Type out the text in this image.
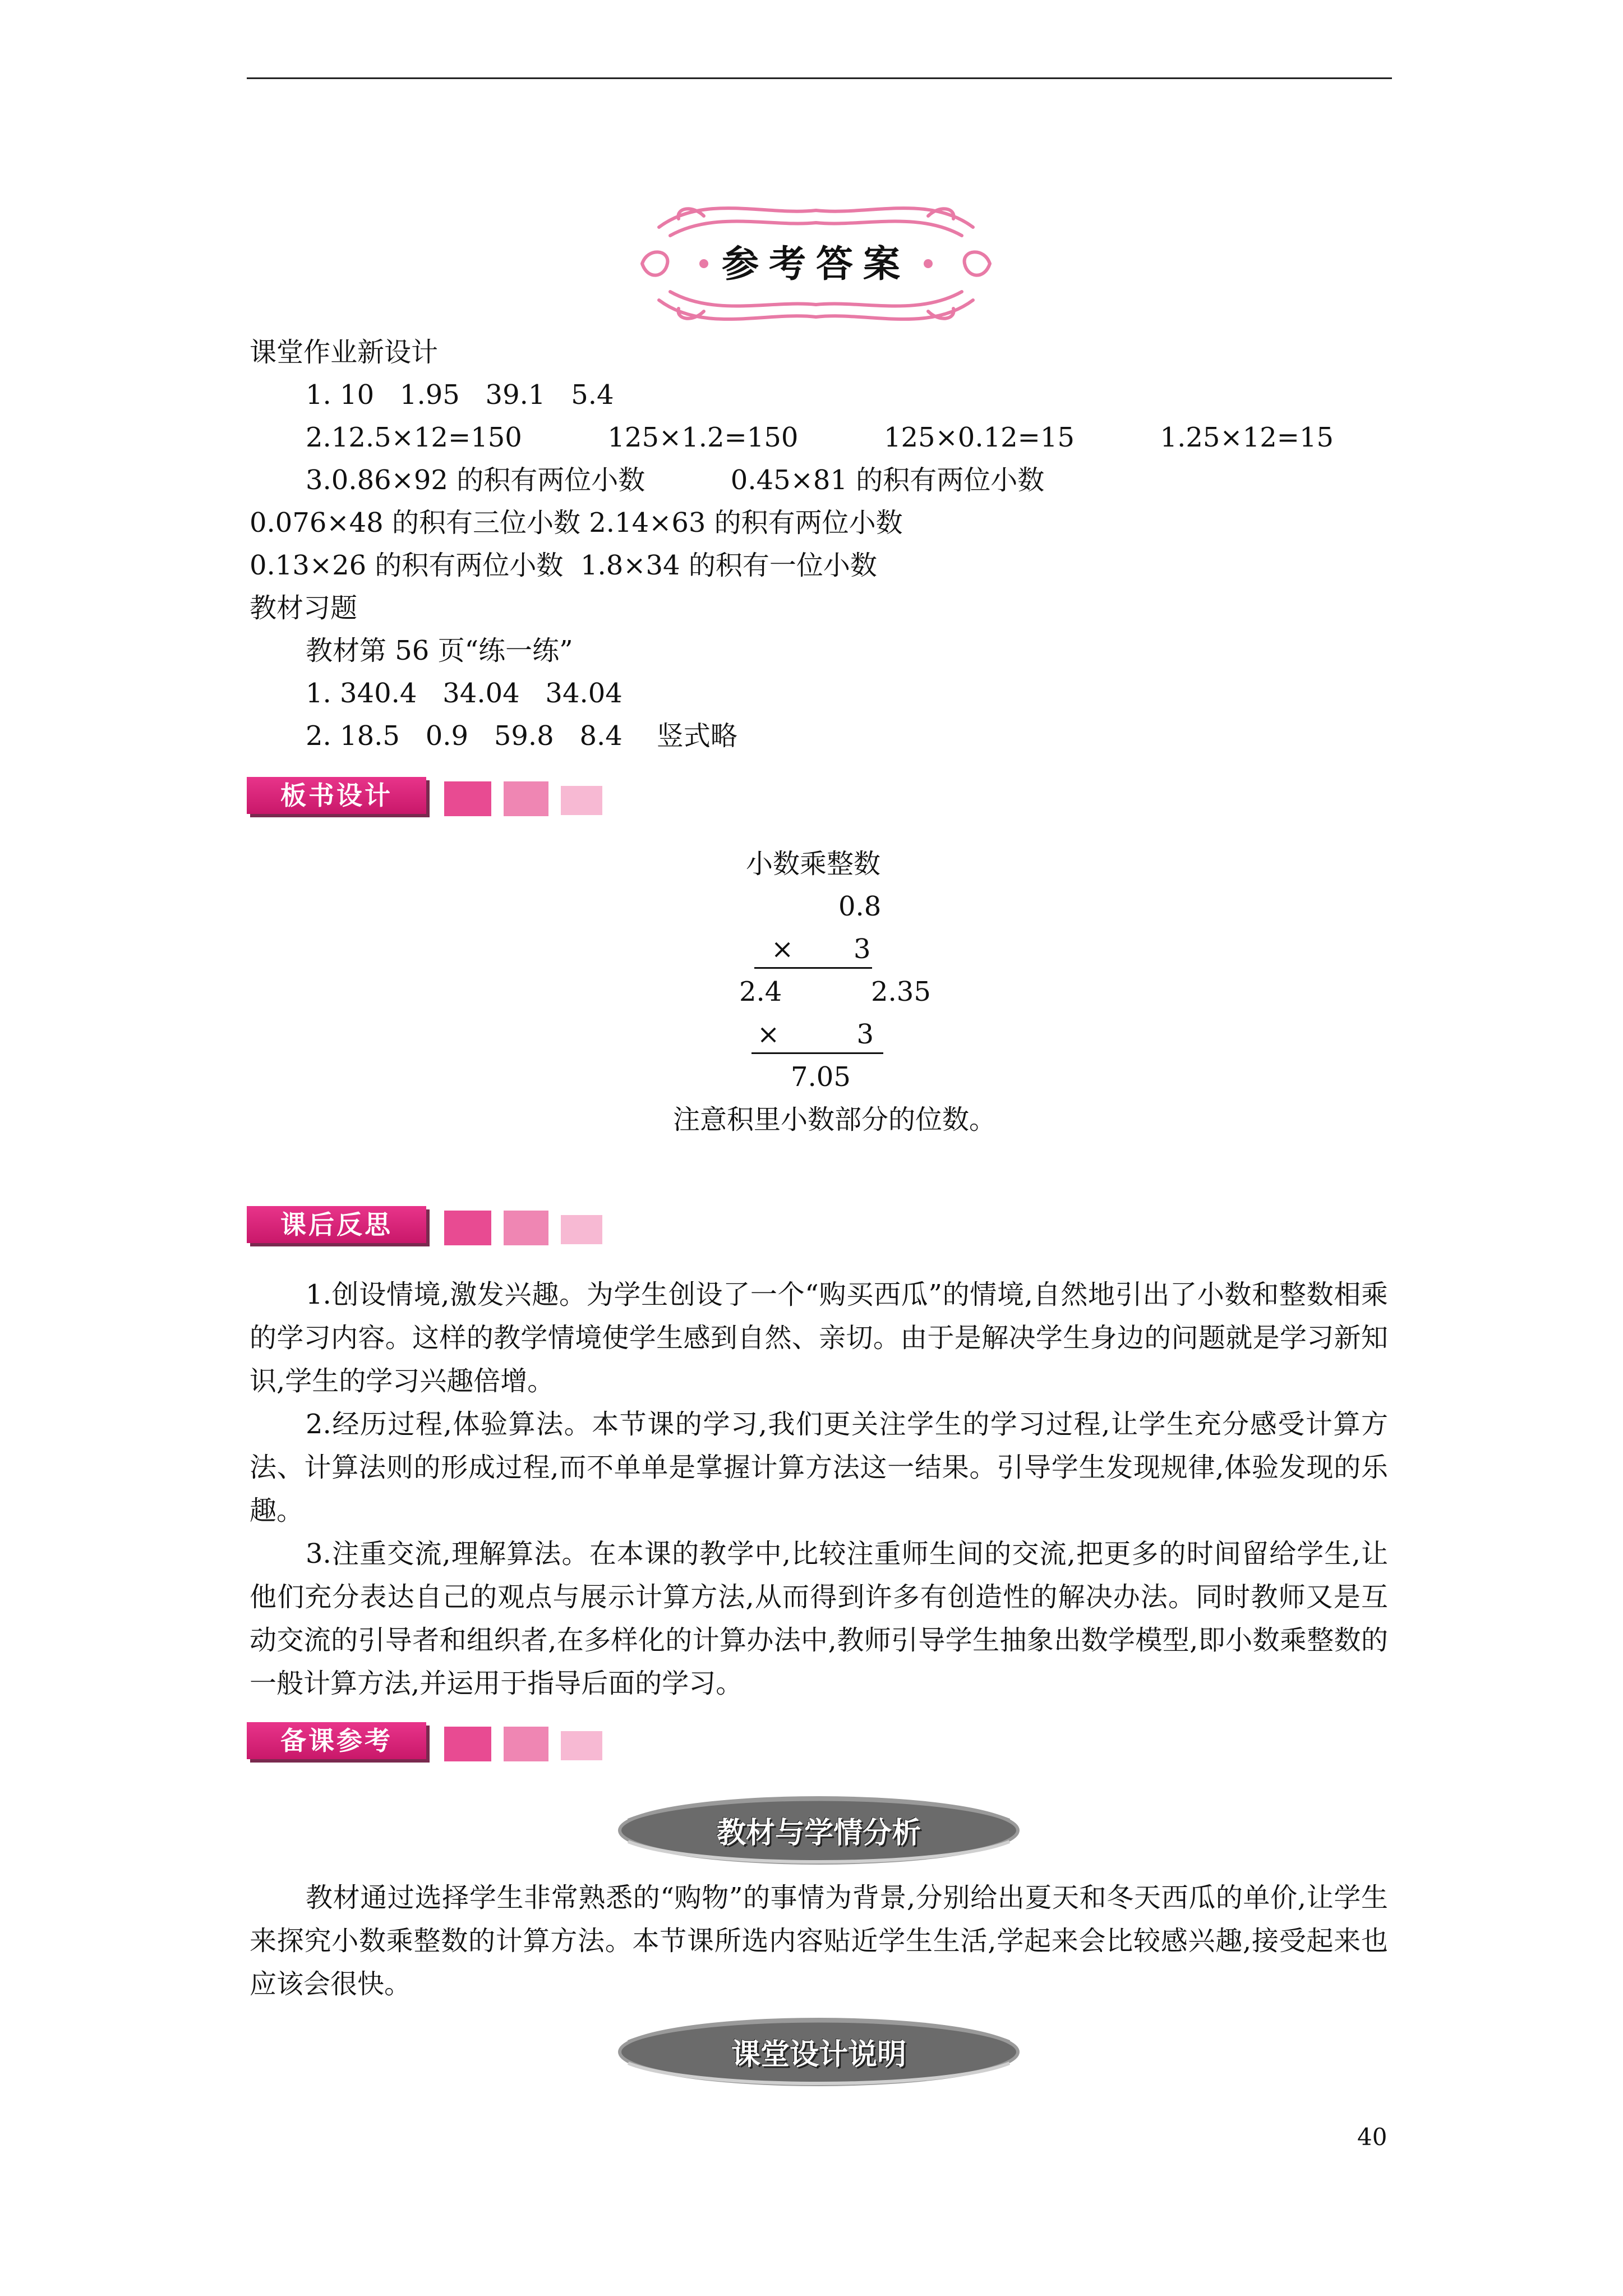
参考答案
课堂作业新设计
1. 10   1.95   39.1   5.4
2.12.5×12=150          125×1.2=150          125×0.12=15          1.25×12=15
3.0.86×92 的积有两位小数          0.45×81 的积有两位小数
0.076×48 的积有三位小数 2.14×63 的积有两位小数
0.13×26 的积有两位小数  1.8×34 的积有一位小数
教材习题
教材第 56 页“练一练”
1. 340.4   34.04   34.04
2. 18.5   0.9   59.8   8.4    竖式略
板书设计
小数乘整数
0.8
×       3
2.4	2.35
×         3
7.05
注意积里小数部分的位数。
课后反思

1.创设情境,激发兴趣。为学生创设了一个“购买西瓜”的情境,自然地引出了小数和整数相乘的学习内容。这样的教学情境使学生感到自然、亲切。由于是解决学生身边的问题就是学习新知识,学生的学习兴趣倍增。

2.经历过程,体验算法。本节课的学习,我们更关注学生的学习过程,让学生充分感受计算方法、计算法则的形成过程,而不单单是掌握计算方法这一结果。引导学生发现规律,体验发现的乐趣。

3.注重交流,理解算法。在本课的教学中,比较注重师生间的交流,把更多的时间留给学生,让他们充分表达自己的观点与展示计算方法,从而得到许多有创造性的解决办法。同时教师又是互动交流的引导者和组织者,在多样化的计算办法中,教师引导学生抽象出数学模型,即小数乘整数的一般计算方法,并运用于指导后面的学习。

备课参考
教材与学情分析

教材通过选择学生非常熟悉的“购物”的事情为背景,分别给出夏天和冬天西瓜的单价,让学生来探究小数乘整数的计算方法。本节课所选内容贴近学生生活,学起来会比较感兴趣,接受起来也应该会很快。

课堂设计说明
40
